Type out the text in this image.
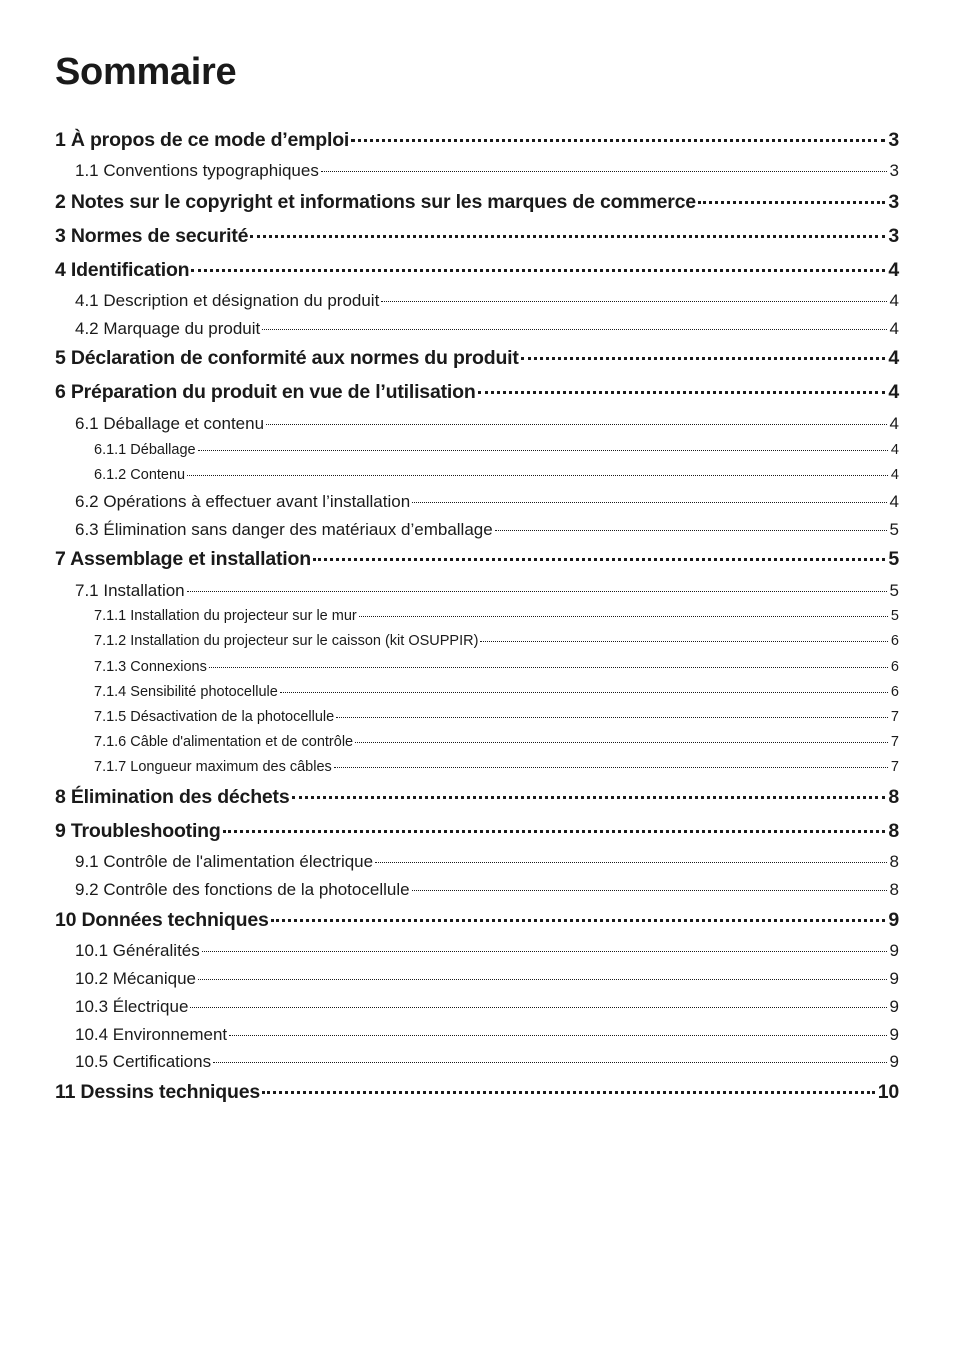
Sommaire
1 À propos de ce mode d’emploi	3
1.1 Conventions typographiques	3
2 Notes sur le copyright et informations sur les marques de commerce	3
3 Normes de securité	3
4 Identification	4
4.1 Description et désignation du produit	4
4.2 Marquage du produit	4
5 Déclaration de conformité aux normes du produit	4
6 Préparation du produit en vue de l’utilisation	4
6.1 Déballage et contenu	4
6.1.1 Déballage	4
6.1.2 Contenu	4
6.2 Opérations à effectuer avant l’installation	4
6.3 Élimination sans danger des matériaux d’emballage	5
7 Assemblage et installation	5
7.1 Installation	5
7.1.1 Installation du projecteur sur le mur	5
7.1.2 Installation du projecteur sur le caisson (kit OSUPPIR)	6
7.1.3 Connexions	6
7.1.4 Sensibilité photocellule	6
7.1.5 Désactivation de la photocellule	7
7.1.6 Câble d'alimentation et de contrôle	7
7.1.7 Longueur maximum des câbles	7
8 Élimination des déchets	8
9 Troubleshooting	8
9.1 Contrôle de l'alimentation électrique	8
9.2 Contrôle des fonctions de la photocellule	8
10 Données techniques	9
10.1 Généralités	9
10.2 Mécanique	9
10.3 Électrique	9
10.4 Environnement	9
10.5 Certifications	9
11 Dessins techniques	10
